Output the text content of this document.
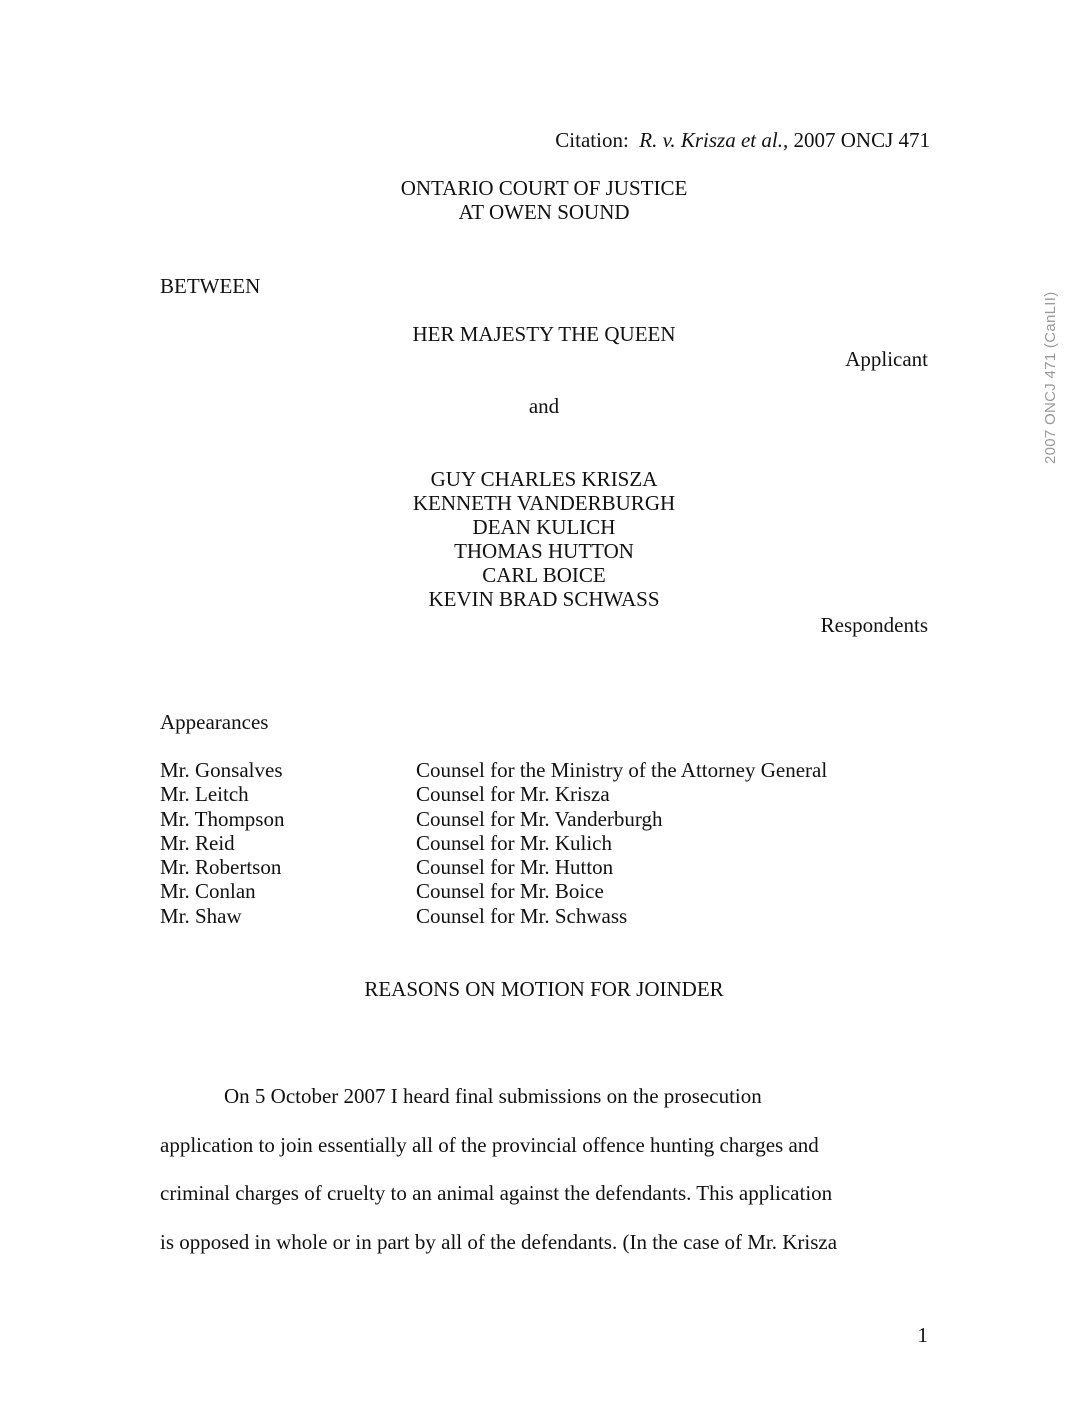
Citation: R. v. Krisza et al., 2007 ONCJ 471
ONTARIO COURT OF JUSTICE
AT OWEN SOUND
BETWEEN
HER MAJESTY THE QUEEN
Applicant
and
GUY CHARLES KRISZA
KENNETH VANDERBURGH
DEAN KULICH
THOMAS HUTTON
CARL BOICE
KEVIN BRAD SCHWASS
Respondents
Appearances
Mr. Gonsalves	Counsel for the Ministry of the Attorney General
Mr. Leitch	Counsel for Mr. Krisza
Mr. Thompson	Counsel for Mr. Vanderburgh
Mr. Reid	Counsel for Mr. Kulich
Mr. Robertson	Counsel for Mr. Hutton
Mr. Conlan	Counsel for Mr. Boice
Mr. Shaw	Counsel for Mr. Schwass
REASONS ON MOTION FOR JOINDER
On 5 October 2007 I heard final submissions on the prosecution
application to join essentially all of the provincial offence hunting charges and
criminal charges of cruelty to an animal against the defendants. This application
is opposed in whole or in part by all of the defendants. (In the case of Mr. Krisza
1
2007 ONCJ 471 (CanLII)
